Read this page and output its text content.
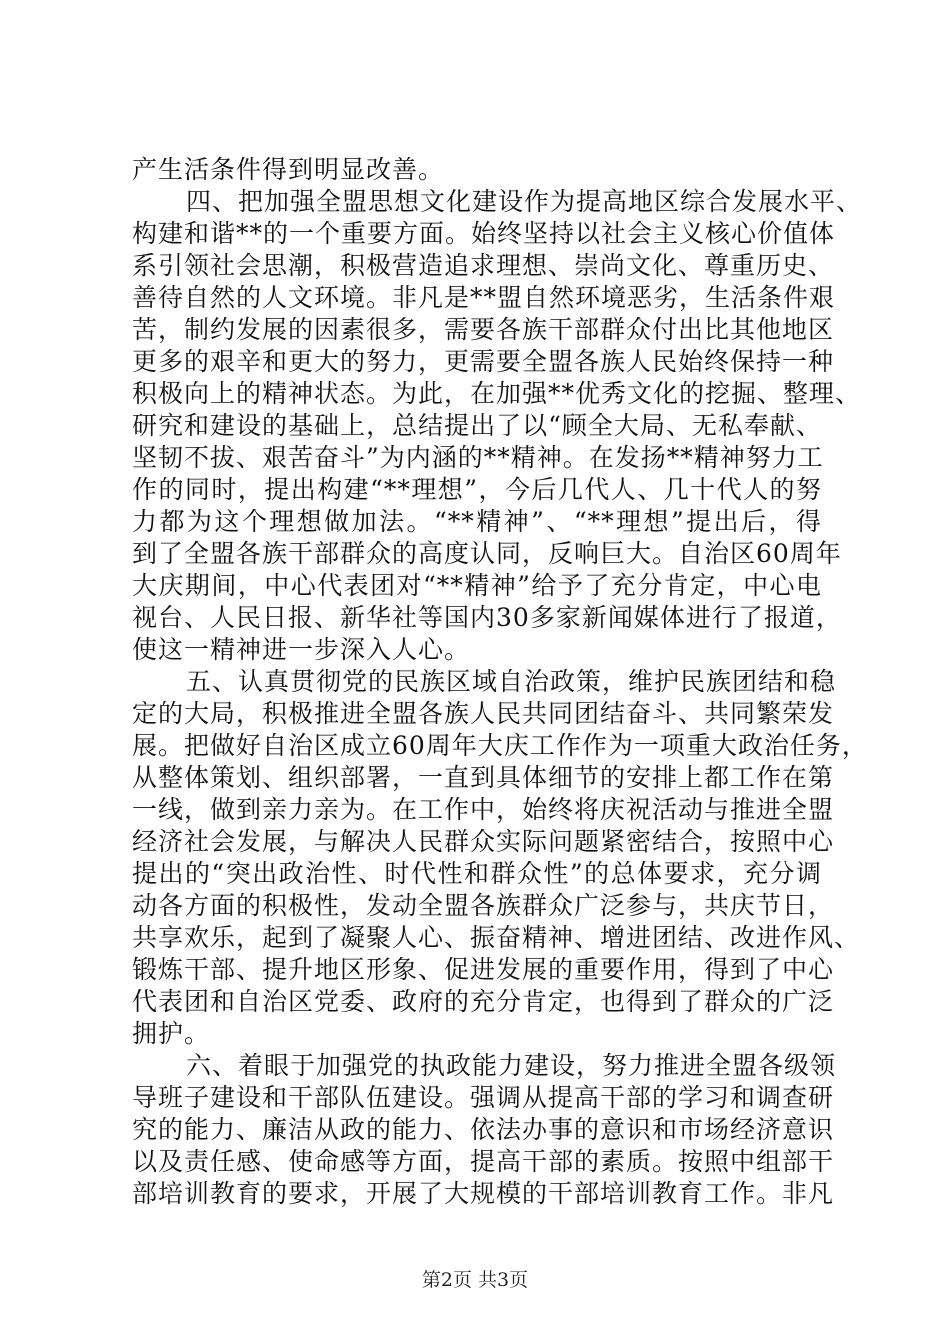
产生活条件得到明显改善。
四、把加强全盟思想文化建设作为提高地区综合发展水平、
构建和谐**的一个重要方面。始终坚持以社会主义核心价值体
系引领社会思潮，积极营造追求理想、崇尚文化、尊重历史、
善待自然的人文环境。非凡是**盟自然环境恶劣，生活条件艰
苦，制约发展的因素很多，需要各族干部群众付出比其他地区
更多的艰辛和更大的努力，更需要全盟各族人民始终保持一种
积极向上的精神状态。为此，在加强**优秀文化的挖掘、整理、
研究和建设的基础上，总结提出了以“顾全大局、无私奉献、
坚韧不拔、艰苦奋斗”为内涵的**精神。在发扬**精神努力工
作的同时，提出构建“**理想”，今后几代人、几十代人的努
力都为这个理想做加法。“**精神”、“**理想”提出后，得
到了全盟各族干部群众的高度认同，反响巨大。自治区60周年
大庆期间，中心代表团对“**精神”给予了充分肯定，中心电
视台、人民日报、新华社等国内30多家新闻媒体进行了报道，
使这一精神进一步深入人心。
五、认真贯彻党的民族区域自治政策，维护民族团结和稳
定的大局，积极推进全盟各族人民共同团结奋斗、共同繁荣发
展。把做好自治区成立60周年大庆工作作为一项重大政治任务，
从整体策划、组织部署，一直到具体细节的安排上都工作在第
一线，做到亲力亲为。在工作中，始终将庆祝活动与推进全盟
经济社会发展，与解决人民群众实际问题紧密结合，按照中心
提出的“突出政治性、时代性和群众性”的总体要求，充分调
动各方面的积极性，发动全盟各族群众广泛参与，共庆节日，
共享欢乐，起到了凝聚人心、振奋精神、增进团结、改进作风、
锻炼干部、提升地区形象、促进发展的重要作用，得到了中心
代表团和自治区党委、政府的充分肯定，也得到了群众的广泛
拥护。
六、着眼于加强党的执政能力建设，努力推进全盟各级领
导班子建设和干部队伍建设。强调从提高干部的学习和调查研
究的能力、廉洁从政的能力、依法办事的意识和市场经济意识
以及责任感、使命感等方面，提高干部的素质。按照中组部干
部培训教育的要求，开展了大规模的干部培训教育工作。非凡
第2页 共3页
